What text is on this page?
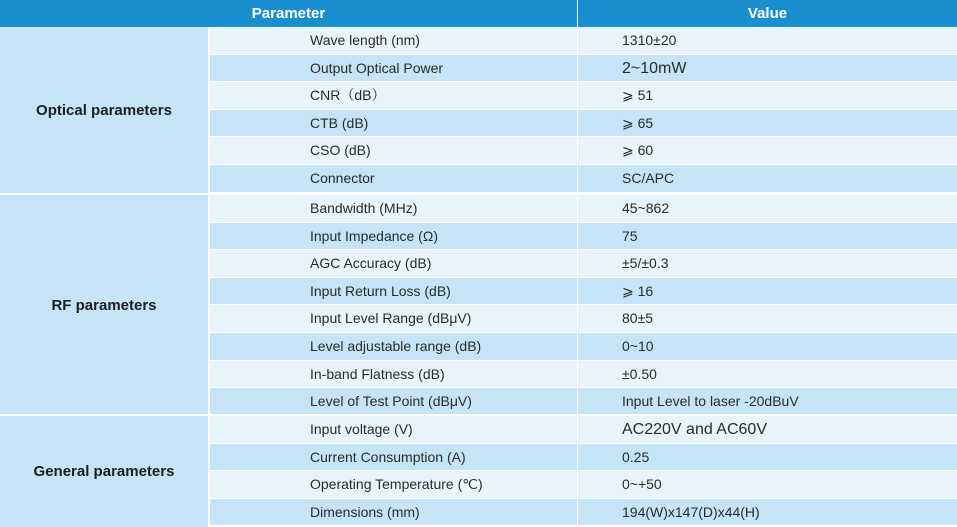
Parameter	Value
Optical parameters
Wave length (nm)	1310±20
Output Optical Power	2~10mW
CNR（dB）	⩾ 51
CTB (dB)	⩾ 65
CSO (dB)	⩾ 60
Connector	SC/APC
RF parameters
Bandwidth (MHz)	45~862
Input Impedance (Ω)	75
AGC Accuracy (dB)	±5/±0.3
Input Return Loss (dB)	⩾ 16
Input Level Range (dBμV)	80±5
Level adjustable range (dB)	0~10
In-band Flatness (dB)	±0.50
Level of Test Point (dBμV)	Input Level to laser -20dBuV
General parameters
Input voltage (V)	AC220V and AC60V
Current Consumption (A)	0.25
Operating Temperature (℃)	0~+50
Dimensions (mm)	194(W)x147(D)x44(H)
